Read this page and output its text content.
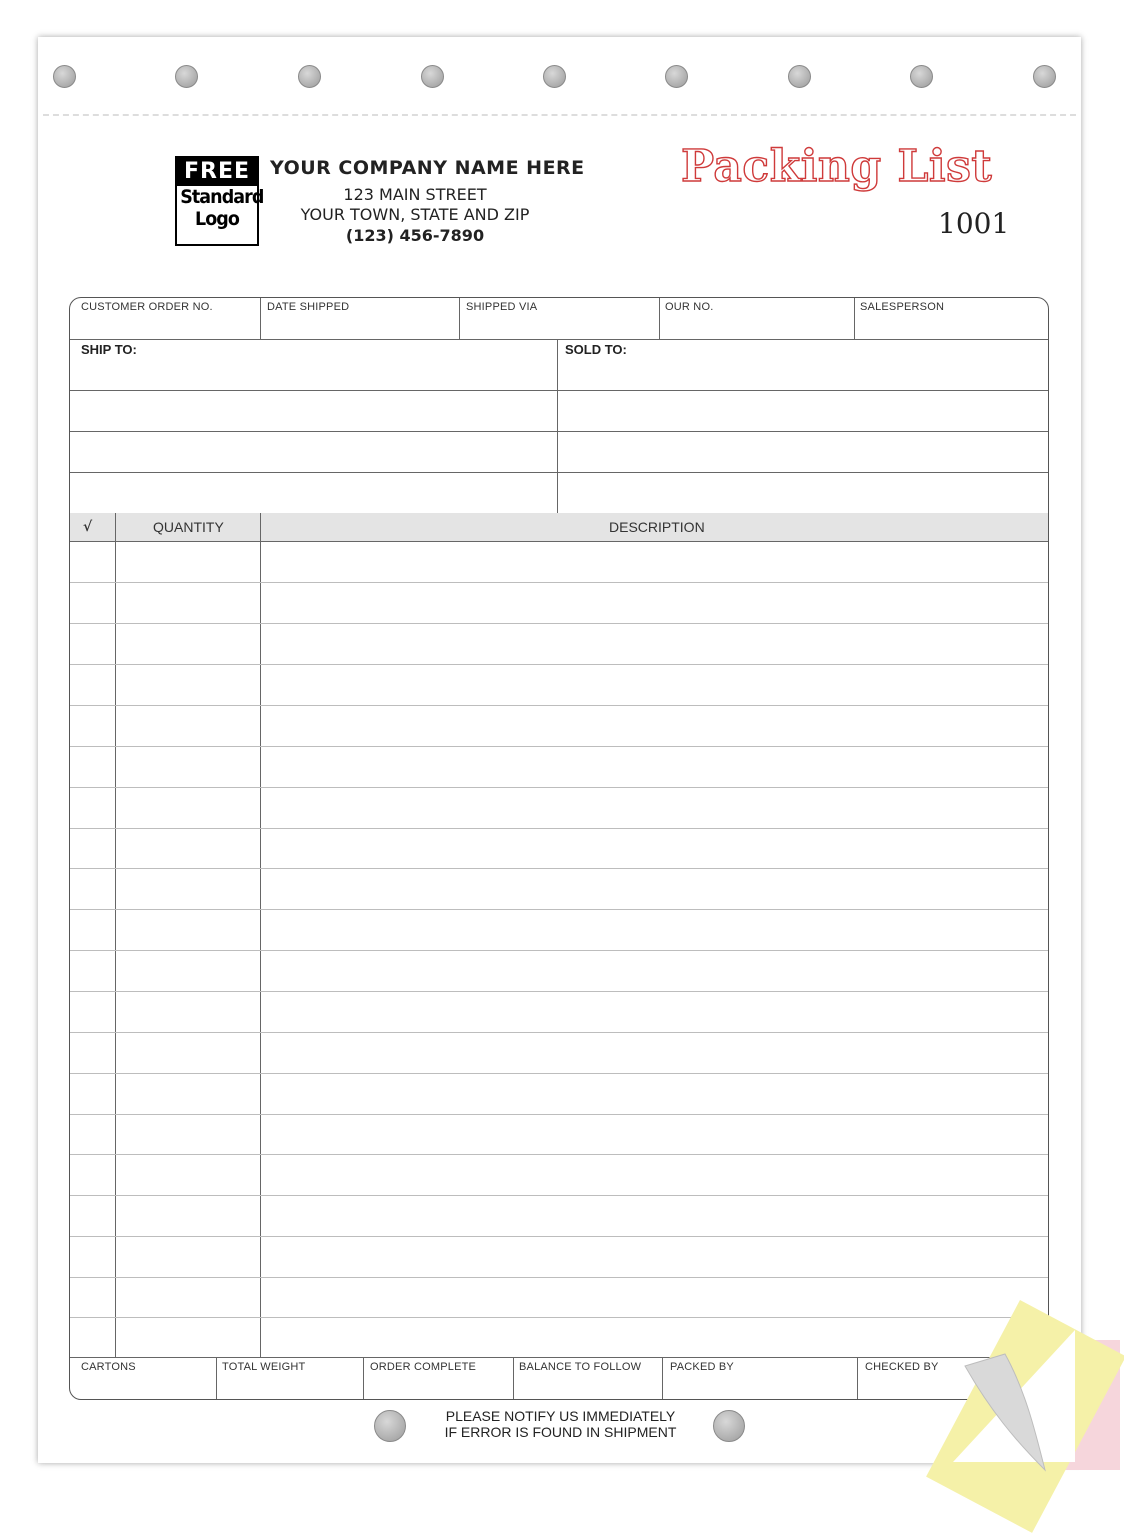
FREE
Standard
Logo
YOUR COMPANY NAME HERE
123 MAIN STREET
YOUR TOWN, STATE AND ZIP
(123) 456-7890
Packing List
1001
CUSTOMER ORDER NO.	DATE SHIPPED	SHIPPED VIA	OUR NO.	SALESPERSON
SHIP TO:	SOLD TO:
√	QUANTITY	DESCRIPTION
CARTONS	TOTAL WEIGHT	ORDER COMPLETE	BALANCE TO FOLLOW	PACKED BY	CHECKED BY
PLEASE NOTIFY US IMMEDIATELY
IF ERROR IS FOUND IN SHIPMENT
